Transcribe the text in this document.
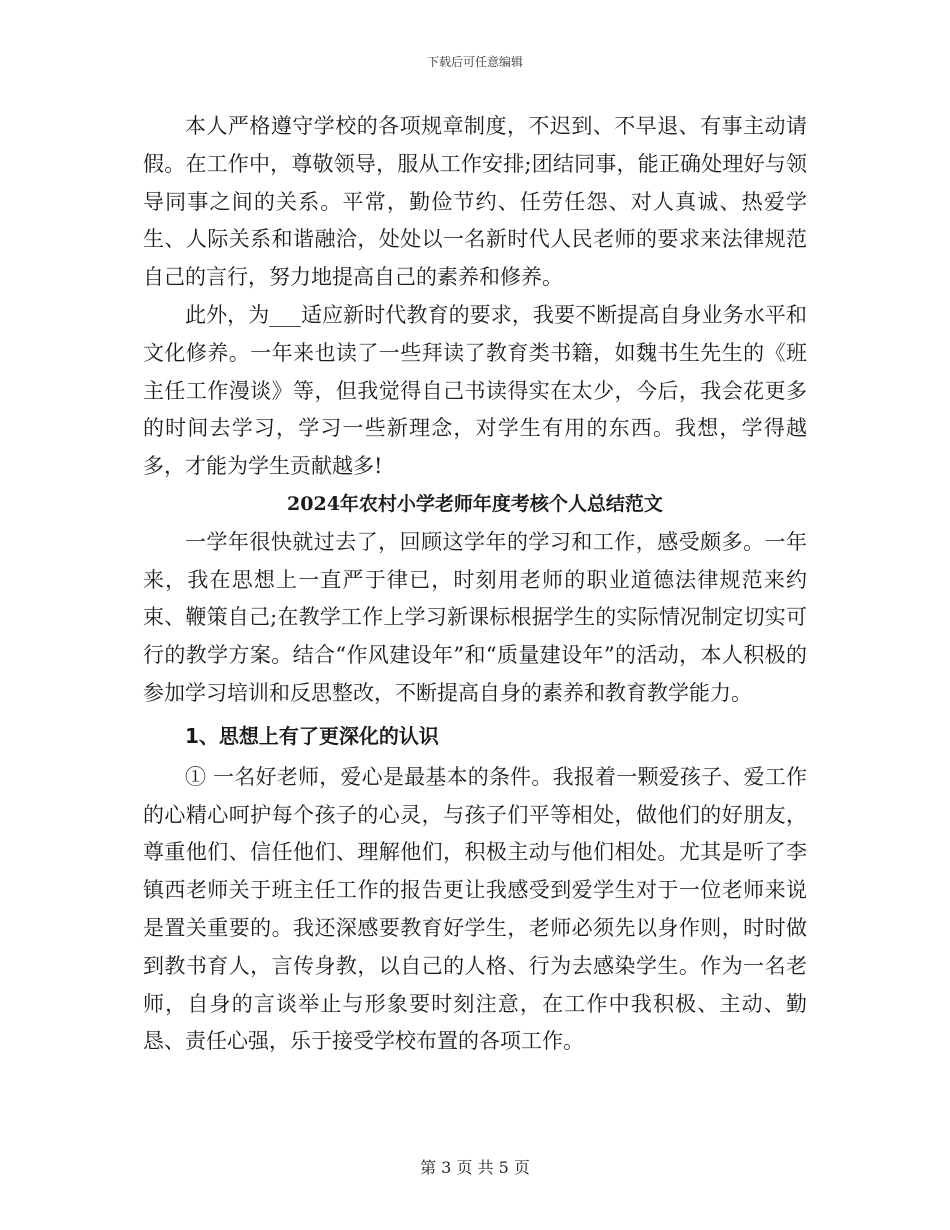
下载后可任意编辑

本人严格遵守学校的各项规章制度，不迟到、不早退、有事主动请假。在工作中，尊敬领导，服从工作安排;团结同事，能正确处理好与领导同事之间的关系。平常，勤俭节约、任劳任怨、对人真诚、热爱学生、人际关系和谐融洽，处处以一名新时代人民老师的要求来法律规范自己的言行，努力地提高自己的素养和修养。

此外，为___适应新时代教育的要求，我要不断提高自身业务水平和文化修养。一年来也读了一些拜读了教育类书籍，如魏书生先生的《班主任工作漫谈》等，但我觉得自己书读得实在太少，今后，我会花更多的时间去学习，学习一些新理念，对学生有用的东西。我想，学得越多，才能为学生贡献越多!

2024年农村小学老师年度考核个人总结范文

一学年很快就过去了，回顾这学年的学习和工作，感受颇多。一年来，我在思想上一直严于律已，时刻用老师的职业道德法律规范来约束、鞭策自己;在教学工作上学习新课标根据学生的实际情况制定切实可行的教学方案。结合“作风建设年”和“质量建设年”的活动，本人积极的参加学习培训和反思整改，不断提高自身的素养和教育教学能力。

1、思想上有了更深化的认识

① 一名好老师，爱心是最基本的条件。我报着一颗爱孩子、爱工作的心精心呵护每个孩子的心灵，与孩子们平等相处，做他们的好朋友，尊重他们、信任他们、理解他们，积极主动与他们相处。尤其是听了李镇西老师关于班主任工作的报告更让我感受到爱学生对于一位老师来说是置关重要的。我还深感要教育好学生，老师必须先以身作则，时时做到教书育人，言传身教，以自己的人格、行为去感染学生。作为一名老师，自身的言谈举止与形象要时刻注意，在工作中我积极、主动、勤恳、责任心强，乐于接受学校布置的各项工作。

第 3 页 共 5 页
